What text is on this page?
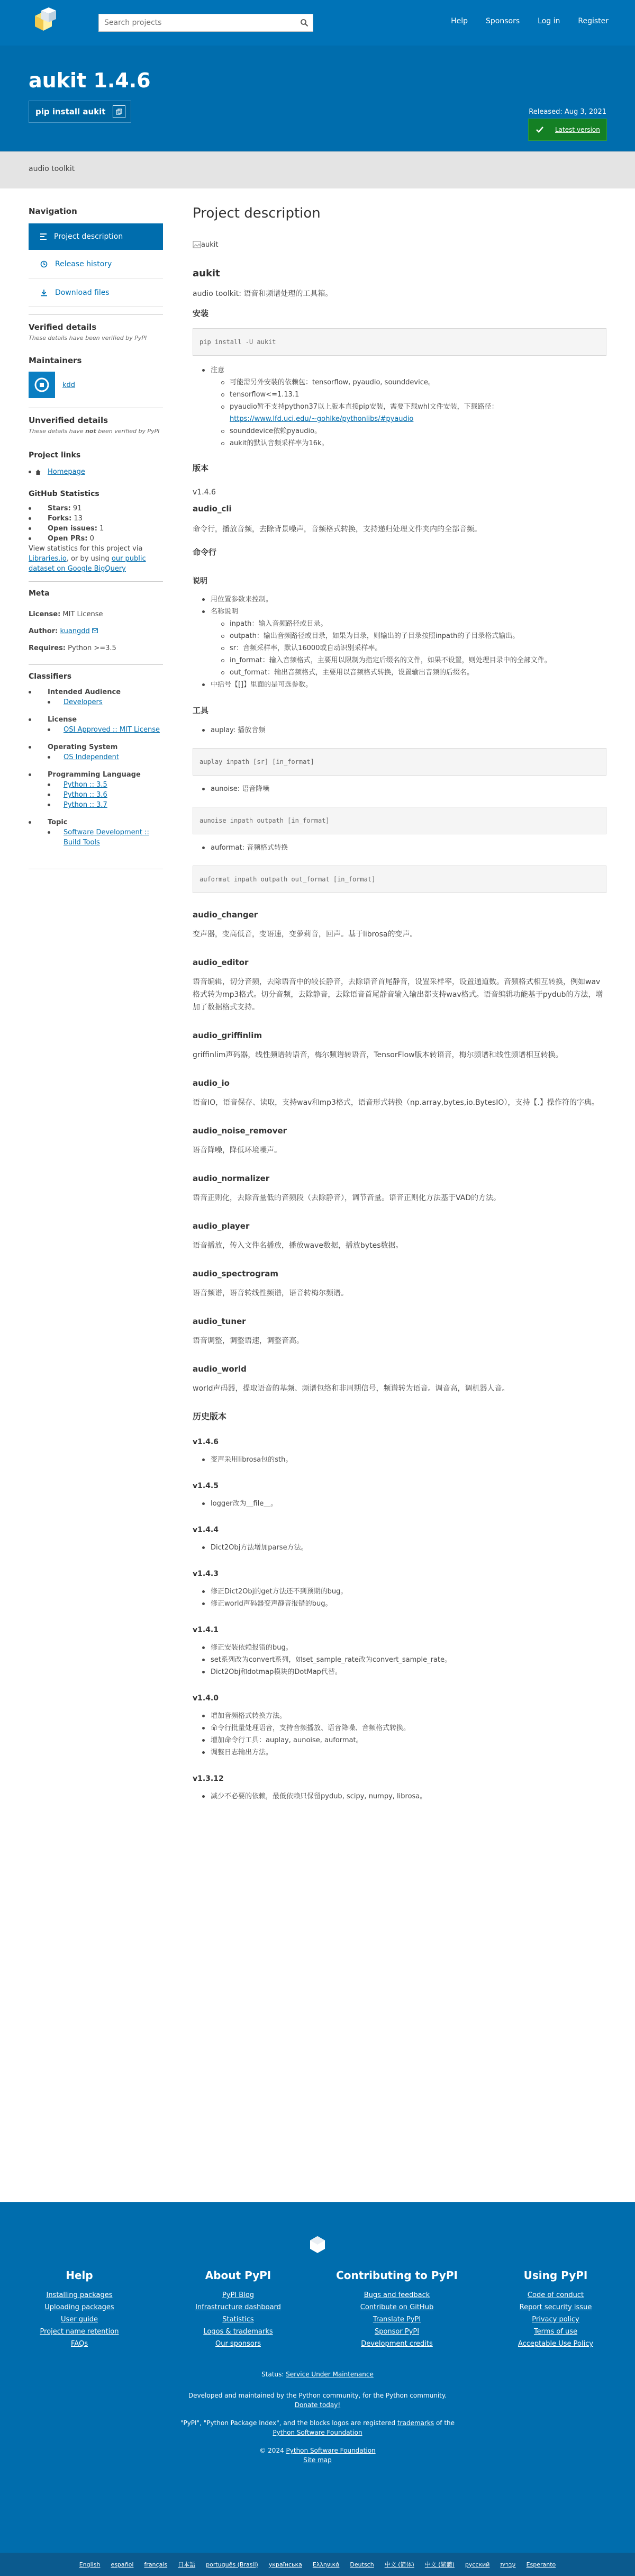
Search projects
Help Sponsors Log in Register
aukit 1.4.6
pip install aukit
Latest version
Released: Aug 3, 2021

audio toolkit

Navigation
Project description
Release history
Download files
Verified details
These details have been verified by PyPI
Maintainers
kdd
Unverified details
These details have not been verified by PyPI
Project links
Homepage
GitHub Statistics
Stars: 91
Forks: 13
Open issues: 1
Open PRs: 0
View statistics for this project via Libraries.io, or by using our public dataset on Google BigQuery
Meta
License: MIT License
Author: kuangdd
Requires: Python >=3.5
Classifiers
Intended Audience
Developers
License
OSI Approved :: MIT License
Operating System
OS Independent
Programming Language
Python :: 3.5
Python :: 3.6
Python :: 3.7
Topic
Software Development :: Build Tools
Project description
aukit
aukit

audio toolkit: 语音和频谱处理的工具箱。

安装
pip install -U aukit
注意
可能需另外安装的依赖包：tensorflow, pyaudio, sounddevice。
tensorflow<=1.13.1
pyaudio暂不支持python37以上版本直接pip安装，需要下载whl文件安装，下载路径：
https://www.lfd.uci.edu/~gohlke/pythonlibs/#pyaudio
sounddevice依赖pyaudio。
aukit的默认音频采样率为16k。
版本

v1.4.6

audio_cli

命令行，播放音频，去除背景噪声，音频格式转换，支持递归处理文件夹内的全部音频。

命令行
说明
用位置参数来控制。
名称说明
inpath：输入音频路径或目录。
outpath：输出音频路径或目录，如果为目录，则输出的子目录按照inpath的子目录格式输出。
sr：音频采样率，默认16000或自动识别采样率。
in_format：输入音频格式，主要用以限制为指定后缀名的文件，如果不设置，则处理目录中的全部文件。
out_format：输出音频格式，主要用以音频格式转换，设置输出音频的后缀名。
中括号【[]】里面的是可选参数。
工具
auplay: 播放音频
auplay inpath [sr] [in_format]
aunoise: 语音降噪
aunoise inpath outpath [in_format]
auformat: 音频格式转换
auformat inpath outpath out_format [in_format]
audio_changer

变声器，变高低音，变语速，变萝莉音，回声。基于librosa的变声。

audio_editor

语音编辑，切分音频，去除语音中的较长静音，去除语音首尾静音，设置采样率，设置通道数。音频格式相互转换，例如wav格式转为mp3格式。切分音频，去除静音，去除语音首尾静音输入输出都支持wav格式。语音编辑功能基于pydub的方法，增加了数据格式支持。

audio_griffinlim

griffinlim声码器，线性频谱转语音，梅尔频谱转语音，TensorFlow版本转语音，梅尔频谱和线性频谱相互转换。

audio_io

语音IO，语音保存、读取，支持wav和mp3格式，语音形式转换（np.array,bytes,io.BytesIO），支持【.】操作符的字典。

audio_noise_remover

语音降噪，降低环境噪声。

audio_normalizer

语音正则化，去除音量低的音频段（去除静音），调节音量。语音正则化方法基于VAD的方法。

audio_player

语音播放，传入文件名播放，播放wave数据，播放bytes数据。

audio_spectrogram

语音频谱，语音转线性频谱，语音转梅尔频谱。

audio_tuner

语音调整，调整语速，调整音高。

audio_world

world声码器，提取语音的基频、频谱包络和非周期信号，频谱转为语音。调音高，调机器人音。

历史版本
v1.4.6
变声采用librosa包的sth。
v1.4.5
logger改为__file__。
v1.4.4
Dict2Obj方法增加parse方法。
v1.4.3
修正Dict2Obj的get方法还不到预期的bug。
修正world声码器变声静音报错的bug。
v1.4.1
修正安装依赖报错的bug。
set系列改为convert系列，如set_sample_rate改为convert_sample_rate。
Dict2Obj和dotmap模块的DotMap代替。
v1.4.0
增加音频格式转换方法。
命令行批量处理语音，支持音频播放、语音降噪、音频格式转换。
增加命令行工具：auplay, aunoise, auformat。
调整日志输出方法。
v1.3.12
减少不必要的依赖，最低依赖只保留pydub, scipy, numpy, librosa。
Help
Installing packages
Uploading packages
User guide
Project name retention
FAQs
About PyPI
PyPI Blog
Infrastructure dashboard
Statistics
Logos & trademarks
Our sponsors
Contributing to PyPI
Bugs and feedback
Contribute on GitHub
Translate PyPI
Sponsor PyPI
Development credits
Using PyPI
Code of conduct
Report security issue
Privacy policy
Terms of use
Acceptable Use Policy
Status: Service Under Maintenance
Developed and maintained by the Python community, for the Python community.
Donate today!
"PyPI", "Python Package Index", and the blocks logos are registered trademarks of the
Python Software Foundation
© 2024 Python Software Foundation
Site map
English español français 日本語 português (Brasil) українська Ελληνικά Deutsch 中文 (简体) 中文 (繁體) русский עברית Esperanto
